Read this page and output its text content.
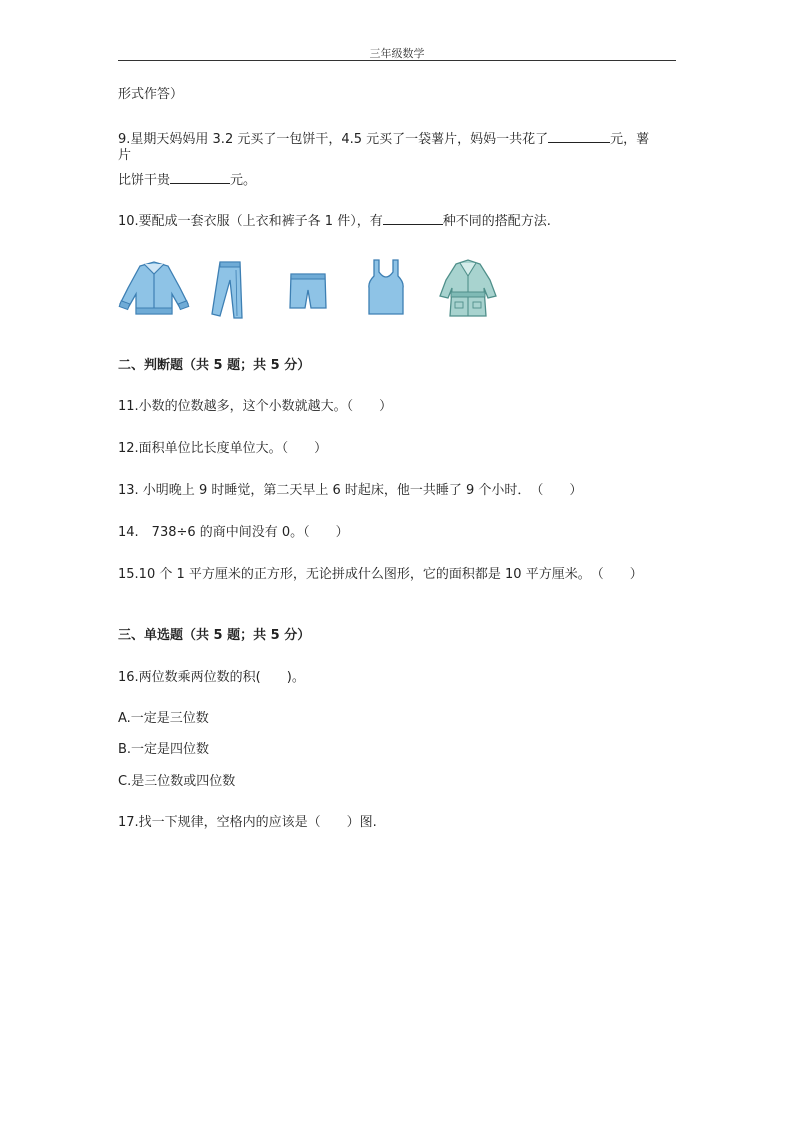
三年级数学
形式作答）
9.星期天妈妈用 3.2 元买了一包饼干，4.5 元买了一袋薯片，妈妈一共花了	元，薯
片
比饼干贵	元。
10.要配成一套衣服（上衣和裤子各 1 件），有	种不同的搭配方法.
二、判断题（共 5 题；共 5 分）
11.小数的位数越多，这个小数就越大。（　　）
12.面积单位比长度单位大。（　　）
13. 小明晚上 9 时睡觉，第二天早上 6 时起床，他一共睡了 9 个小时．　（　　）
14.　738÷6 的商中间没有 0。（　　）
15.10 个 1 平方厘米的正方形，无论拼成什么图形，它的面积都是 10 平方厘米。　（　　）
三、单选题（共 5 题；共 5 分）
16.两位数乘两位数的积(　　)。
A.一定是三位数
B.一定是四位数
C.是三位数或四位数
17.找一下规律，空格内的应该是（　　）图.
